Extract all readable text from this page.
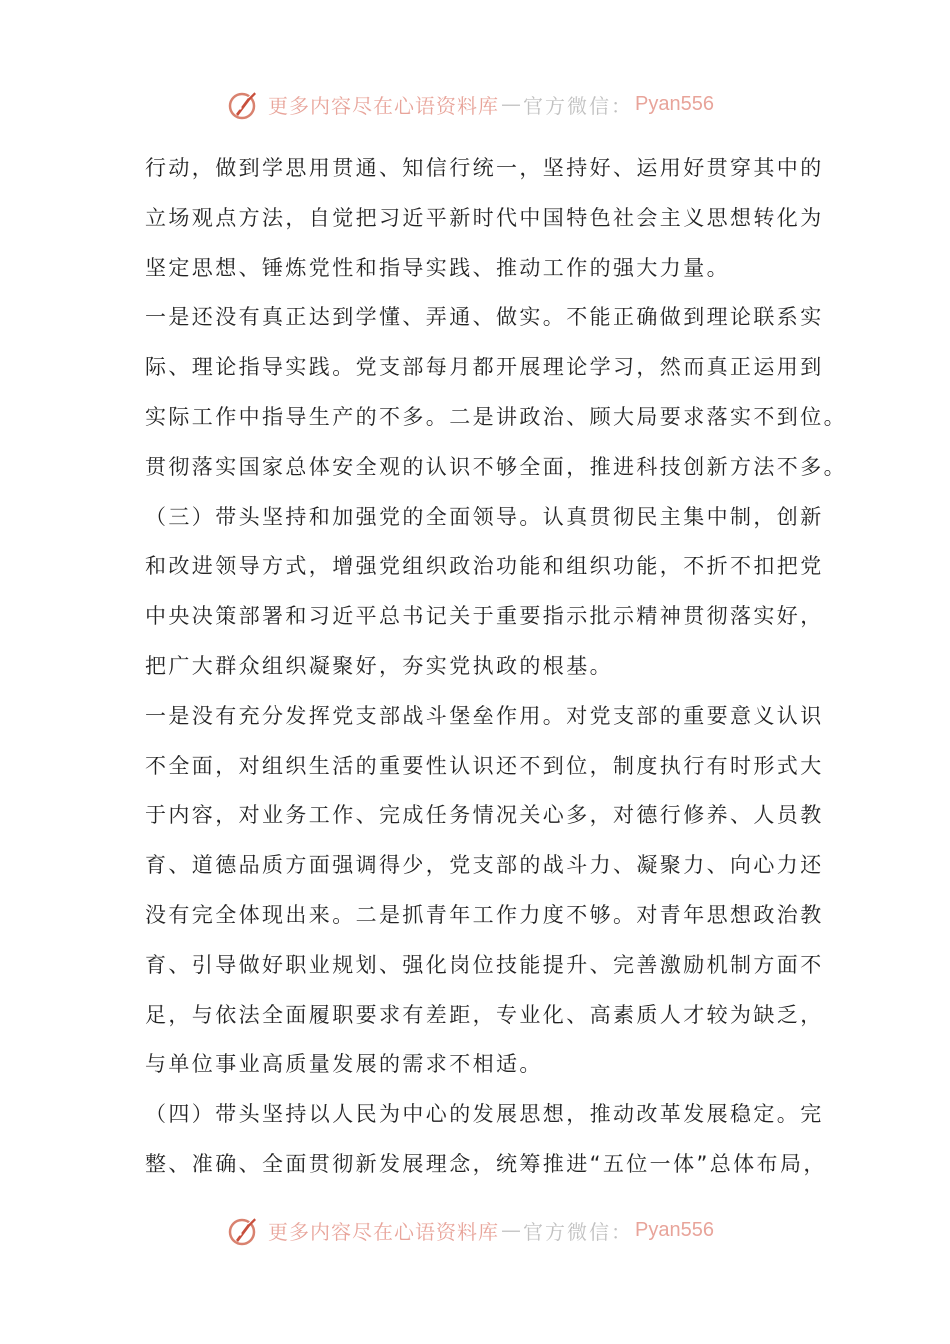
更多内容尽在心语资料库 — 官方微信： Pyan556
行动，做到学思用贯通、知信行统一，坚持好、运用好贯穿其中的
立场观点方法，自觉把习近平新时代中国特色社会主义思想转化为
坚定思想、锤炼党性和指导实践、推动工作的强大力量。
一是还没有真正达到学懂、弄通、做实。不能正确做到理论联系实
际、理论指导实践。党支部每月都开展理论学习，然而真正运用到
实际工作中指导生产的不多。二是讲政治、顾大局要求落实不到位。
贯彻落实国家总体安全观的认识不够全面，推进科技创新方法不多。
（三）带头坚持和加强党的全面领导。认真贯彻民主集中制，创新
和改进领导方式，增强党组织政治功能和组织功能，不折不扣把党
中央决策部署和习近平总书记关于重要指示批示精神贯彻落实好，
把广大群众组织凝聚好，夯实党执政的根基。
一是没有充分发挥党支部战斗堡垒作用。对党支部的重要意义认识
不全面，对组织生活的重要性认识还不到位，制度执行有时形式大
于内容，对业务工作、完成任务情况关心多，对德行修养、人员教
育、道德品质方面强调得少，党支部的战斗力、凝聚力、向心力还
没有完全体现出来。二是抓青年工作力度不够。对青年思想政治教
育、引导做好职业规划、强化岗位技能提升、完善激励机制方面不
足，与依法全面履职要求有差距，专业化、高素质人才较为缺乏，
与单位事业高质量发展的需求不相适。
（四）带头坚持以人民为中心的发展思想，推动改革发展稳定。完
整、准确、全面贯彻新发展理念，统筹推进“五位一体”总体布局，
更多内容尽在心语资料库 — 官方微信： Pyan556
